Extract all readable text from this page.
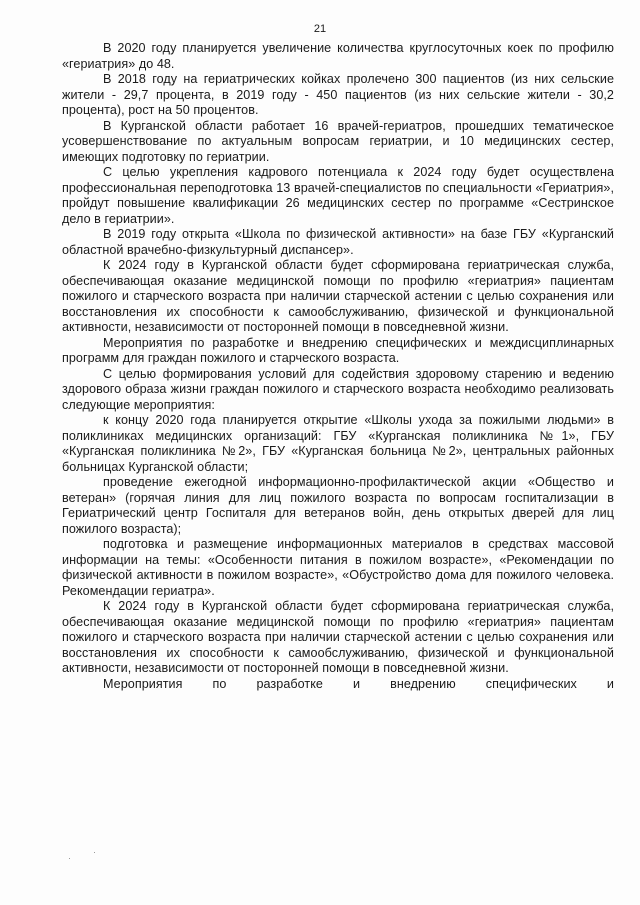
21

В 2020 году планируется увеличение количества круглосуточных коек по профилю «гериатрия» до 48.

В 2018 году на гериатрических койках пролечено 300 пациентов (из них сельские жители - 29,7 процента, в 2019 году - 450 пациентов (из них сельские жители - 30,2 процента), рост на 50 процентов.

В Курганской области работает 16 врачей-гериатров, прошедших тематическое усовершенствование по актуальным вопросам гериатрии, и 10 медицинских сестер, имеющих подготовку по гериатрии.

С целью укрепления кадрового потенциала к 2024 году будет осуществлена профессиональная переподготовка 13 врачей-специалистов по специальности «Гериатрия», пройдут повышение квалификации 26 медицинских сестер по программе «Сестринское дело в гериатрии».

В 2019 году открыта «Школа по физической активности» на базе ГБУ «Курганский областной врачебно-физкультурный диспансер».

К 2024 году в Курганской области будет сформирована гериатрическая служба, обеспечивающая оказание медицинской помощи по профилю «гериатрия» пациентам пожилого и старческого возраста при наличии старческой астении с целью сохранения или восстановления их способности к самообслуживанию, физической и функциональной активности, независимости от посторонней помощи в повседневной жизни.

Мероприятия по разработке и внедрению специфических и междисциплинарных программ для граждан пожилого и старческого возраста.

С целью формирования условий для содействия здоровому старению и ведению здорового образа жизни граждан пожилого и старческого возраста необходимо реализовать следующие мероприятия:

к концу 2020 года планируется открытие «Школы ухода за пожилыми людьми» в поликлиниках медицинских организаций: ГБУ «Курганская поликлиника №1», ГБУ «Курганская поликлиника №2», ГБУ «Курганская больница №2», центральных районных больницах Курганской области;

проведение ежегодной информационно-профилактической акции «Общество и ветеран» (горячая линия для лиц пожилого возраста по вопросам госпитализации в Гериатрический центр Госпиталя для ветеранов войн, день открытых дверей для лиц пожилого возраста);

подготовка и размещение информационных материалов в средствах массовой информации на темы: «Особенности питания в пожилом возрасте», «Рекомендации по физической активности в пожилом возрасте», «Обустройство дома для пожилого человека. Рекомендации гериатра».

К 2024 году в Курганской области будет сформирована гериатрическая служба, обеспечивающая оказание медицинской помощи по профилю «гериатрия» пациентам пожилого и старческого возраста при наличии старческой астении с целью сохранения или восстановления их способности к самообслуживанию, физической и функциональной активности, независимости от посторонней помощи в повседневной жизни.

Мероприятия по разработке и внедрению специфических и
